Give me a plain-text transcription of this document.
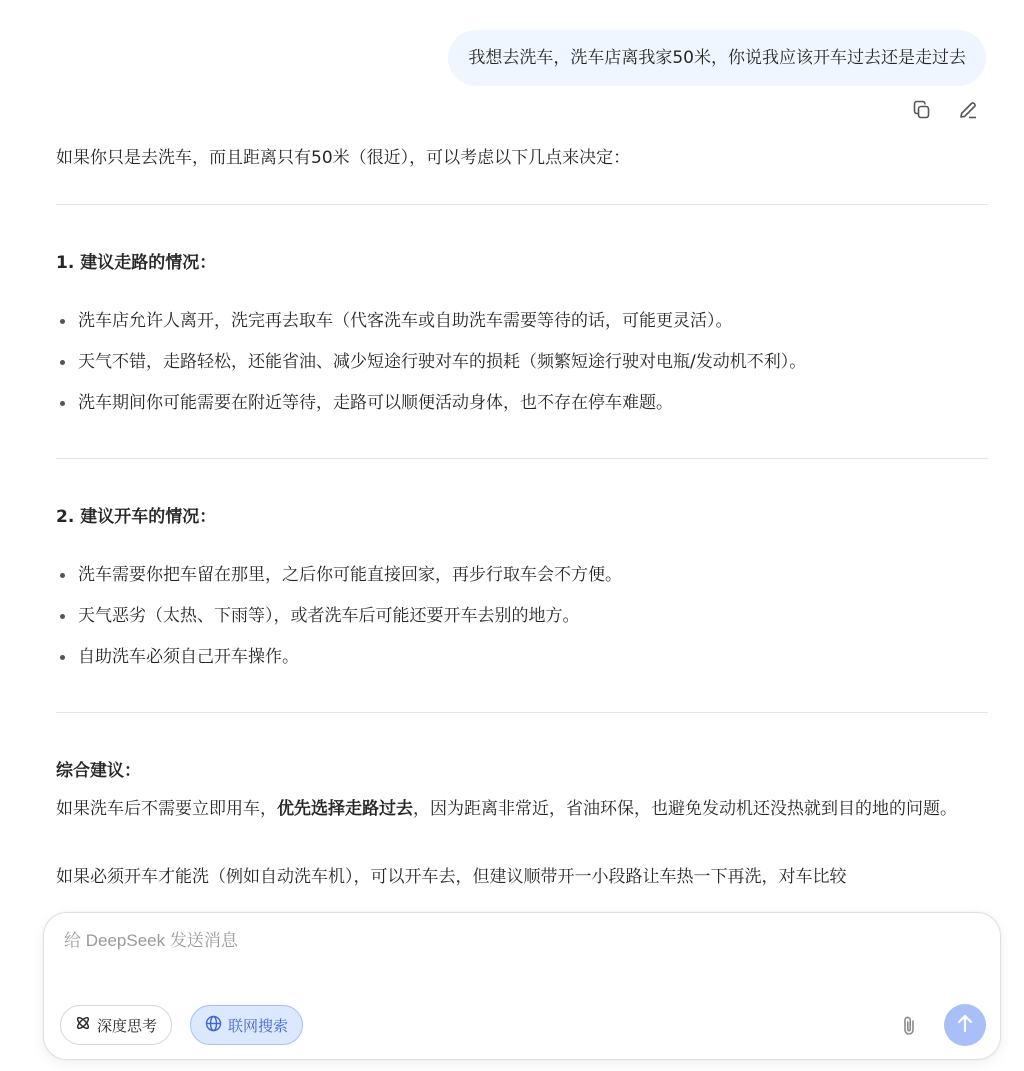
我想去洗车，洗车店离我家50米，你说我应该开车过去还是走过去

如果你只是去洗车，而且距离只有50米（很近），可以考虑以下几点来决定：

1. 建议走路的情况：

洗车店允许人离开，洗完再去取车（代客洗车或自助洗车需要等待的话，可能更灵活）。
天气不错，走路轻松，还能省油、减少短途行驶对车的损耗（频繁短途行驶对电瓶/发动机不利）。
洗车期间你可能需要在附近等待，走路可以顺便活动身体，也不存在停车难题。

2. 建议开车的情况：

洗车需要你把车留在那里，之后你可能直接回家，再步行取车会不方便。
天气恶劣（太热、下雨等），或者洗车后可能还要开车去别的地方。
自助洗车必须自己开车操作。

综合建议：

如果洗车后不需要立即用车，优先选择走路过去，因为距离非常近，省油环保，也避免发动机还没热就到目的地的问题。

如果必须开车才能洗（例如自动洗车机），可以开车去，但建议顺带开一小段路让车热一下再洗，对车比较

给 DeepSeek 发送消息
深度思考	联网搜索
